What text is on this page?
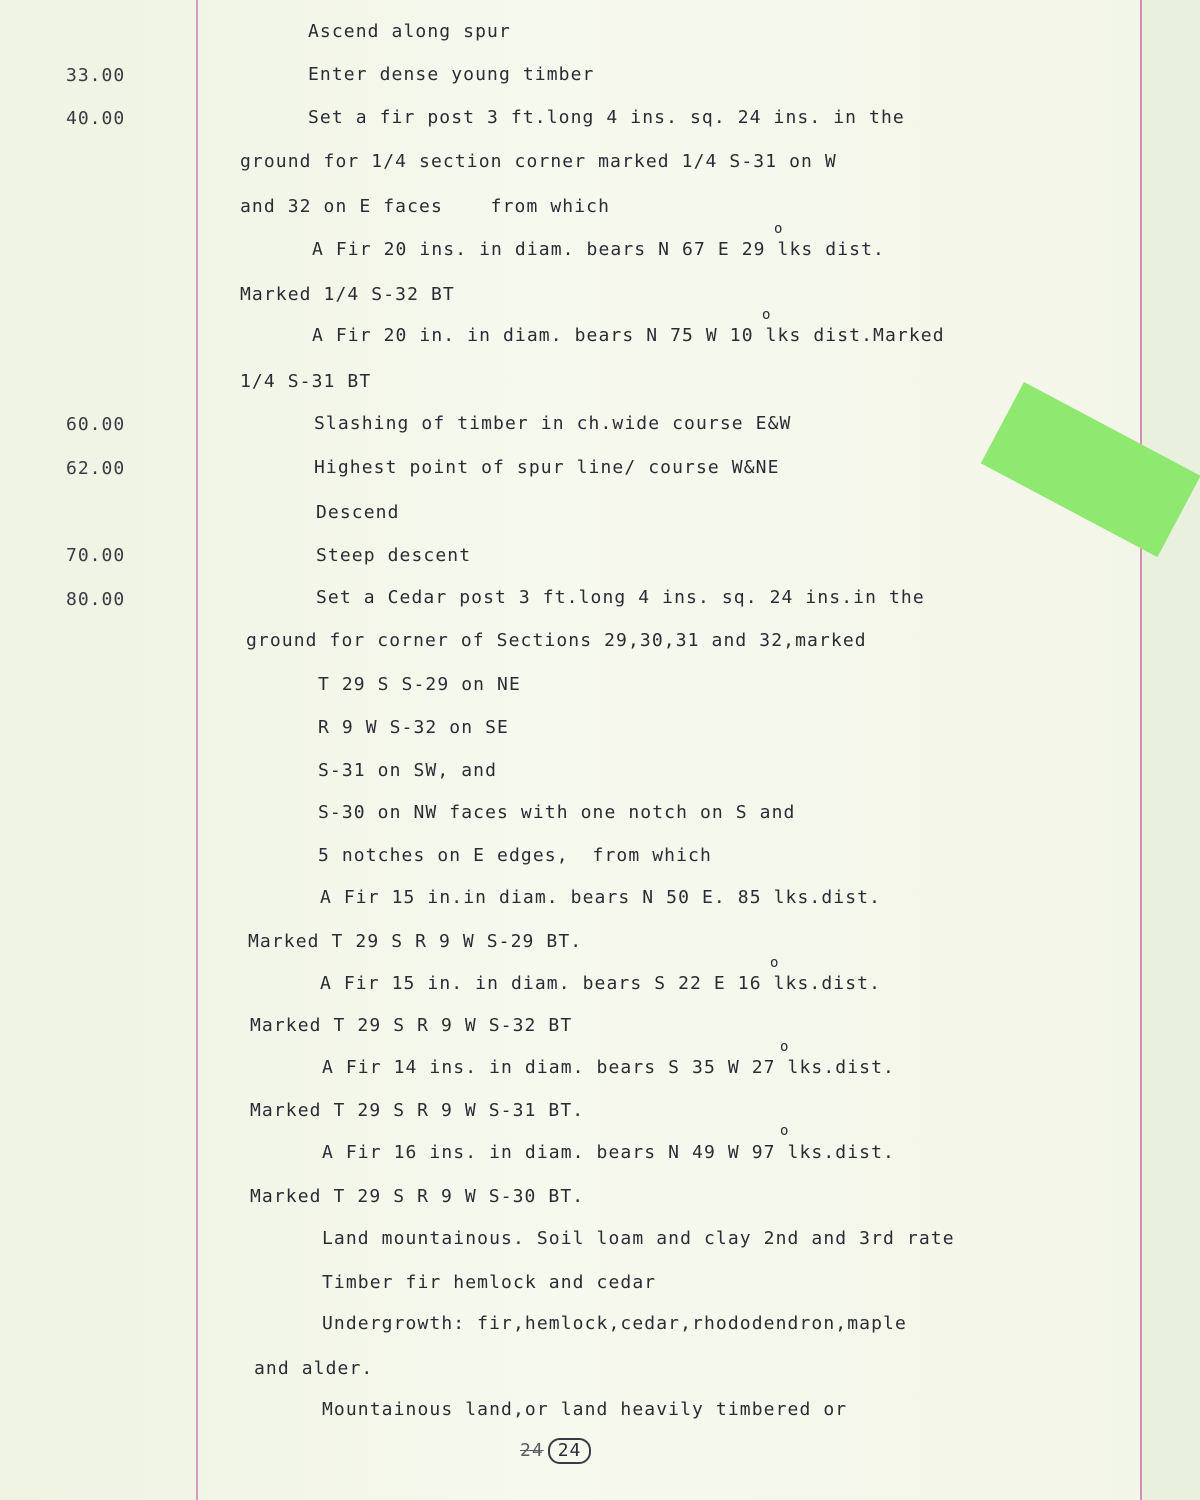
33.00
40.00
60.00
62.00
70.00
80.00
Ascend along spur
Enter dense young timber
Set a fir post 3 ft.long 4 ins. sq. 24 ins. in the
ground for 1/4 section corner marked 1/4 S-31 on W
and 32 on E faces    from which
o
A Fir 20 ins. in diam. bears N 67 E 29 lks dist.
Marked 1/4 S-32 BT
o
A Fir 20 in. in diam. bears N 75 W 10 lks dist.Marked
1/4 S-31 BT
Slashing of timber in ch.wide course E&W
Highest point of spur line/ course W&NE
Descend
Steep descent
Set a Cedar post 3 ft.long 4 ins. sq. 24 ins.in the
ground for corner of Sections 29,30,31 and 32,marked
T 29 S S-29 on NE
R 9 W S-32 on SE
S-31 on SW, and
S-30 on NW faces with one notch on S and
5 notches on E edges,  from which
A Fir 15 in.in diam. bears N 50 E. 85 lks.dist.
Marked T 29 S R 9 W S-29 BT.
o
A Fir 15 in. in diam. bears S 22 E 16 lks.dist.
Marked T 29 S R 9 W S-32 BT
o
A Fir 14 ins. in diam. bears S 35 W 27 lks.dist.
Marked T 29 S R 9 W S-31 BT.
o
A Fir 16 ins. in diam. bears N 49 W 97 lks.dist.
Marked T 29 S R 9 W S-30 BT.
Land mountainous. Soil loam and clay 2nd and 3rd rate
Timber fir hemlock and cedar
Undergrowth: fir,hemlock,cedar,rhododendron,maple
and alder.
Mountainous land,or land heavily timbered or
24 24
